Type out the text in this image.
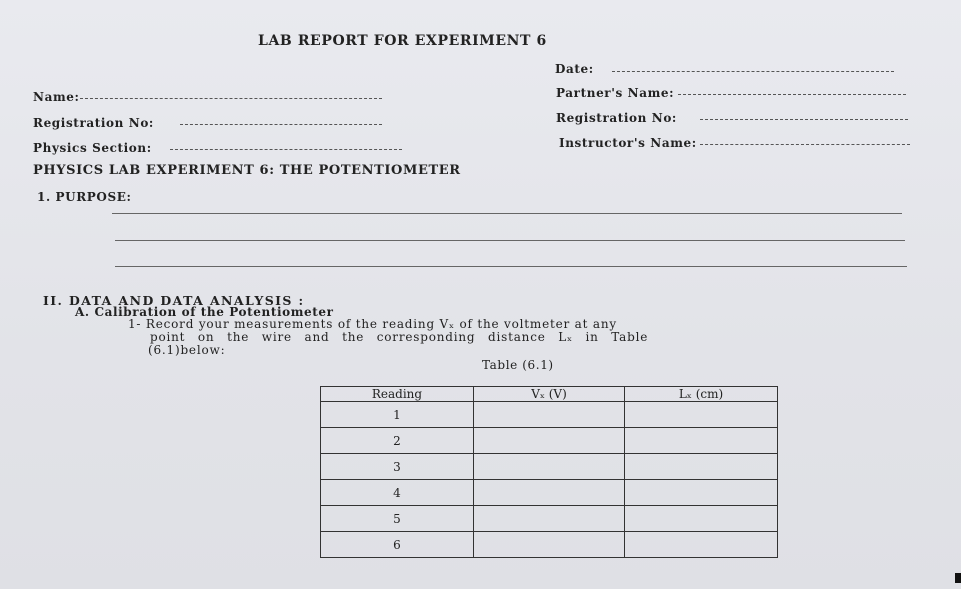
LAB REPORT FOR EXPERIMENT 6
Date:
Name:	Partner's Name:
Registration No:	Registration No:
Physics Section:	Instructor's Name:
PHYSICS LAB EXPERIMENT 6: THE POTENTIOMETER
1. PURPOSE:
II. DATA AND DATA ANALYSIS :
A. Calibration of the Potentiometer
1- Record your measurements of the reading Vₓ of the voltmeter at any
point on the wire and the corresponding distance Lₓ in Table
(6.1)below:
Table (6.1)
Reading	Vₓ (V)	Lₓ (cm)
1		
2		
3		
4		
5		
6		
